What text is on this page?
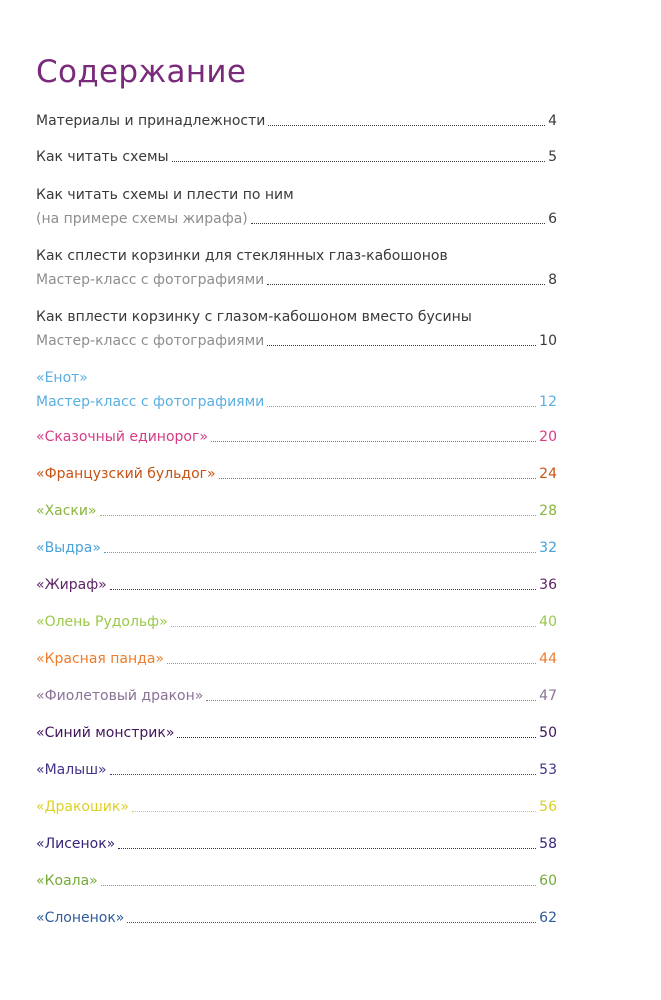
Содержание
Материалы и принадлежности	4
Как читать схемы	5
Как читать схемы и плести по ним
(на примере схемы жирафа)	6
Как сплести корзинки для стеклянных глаз-кабошонов
Мастер-класс с фотографиями	8
Как вплести корзинку с глазом-кабошоном вместо бусины
Мастер-класс с фотографиями	10
«Енот»
Мастер-класс с фотографиями	12
«Сказочный единорог»	20
«Французский бульдог»	24
«Хаски»	28
«Выдра»	32
«Жираф»	36
«Олень Рудольф»	40
«Красная панда»	44
«Фиолетовый дракон»	47
«Синий монстрик»	50
«Малыш»	53
«Дракошик»	56
«Лисенок»	58
«Коала»	60
«Слоненок»	62
